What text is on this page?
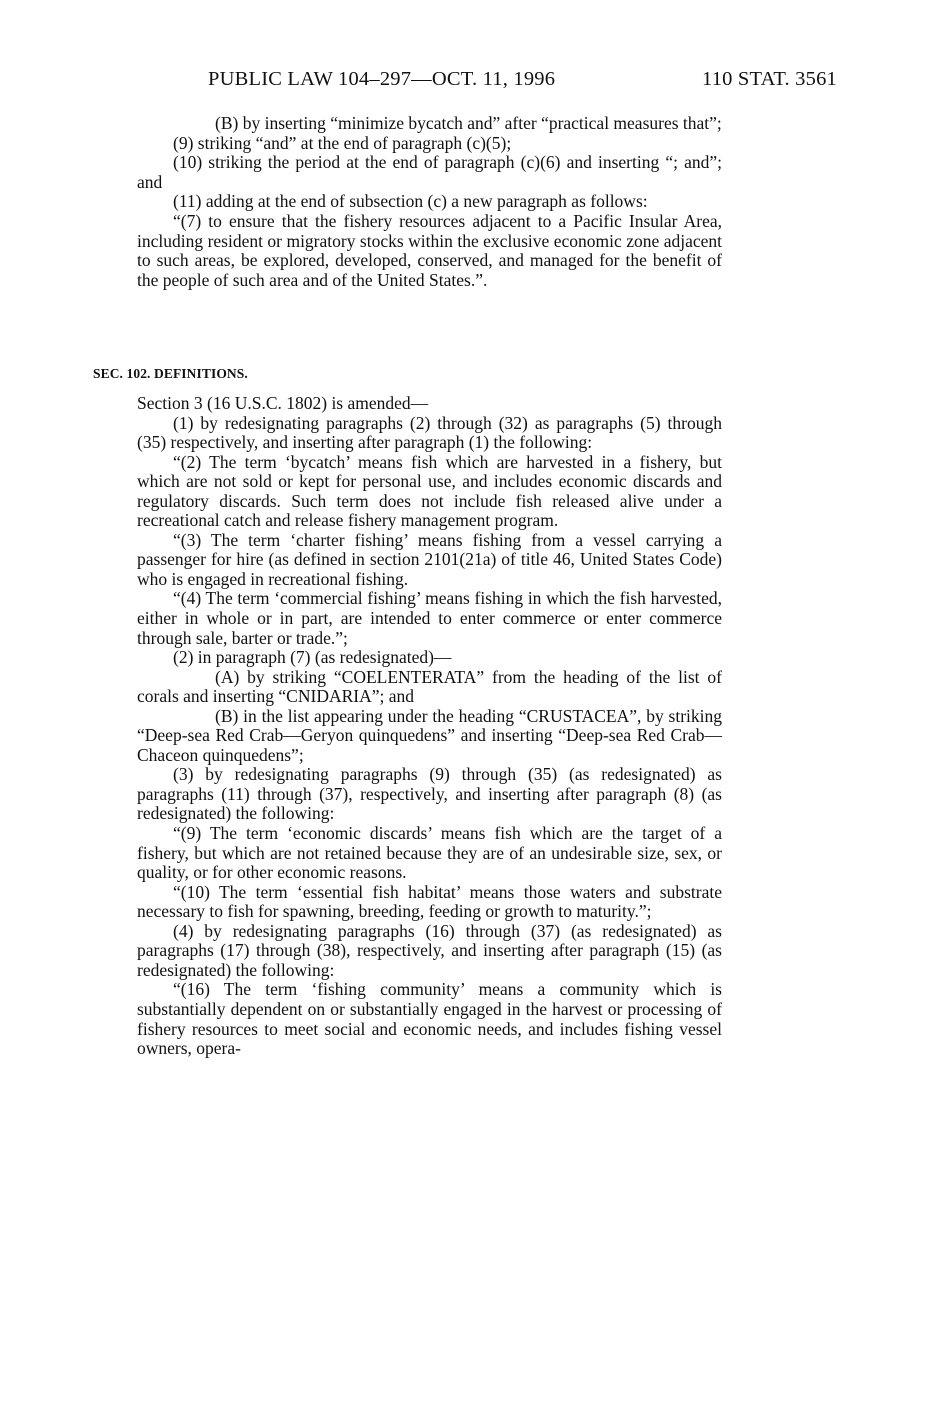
PUBLIC LAW 104–297—OCT. 11, 1996	110 STAT. 3561

(B) by inserting “minimize bycatch and” after “practical measures that”;

(9) striking “and” at the end of paragraph (c)(5);

(10) striking the period at the end of paragraph (c)(6) and inserting “; and”; and

(11) adding at the end of subsection (c) a new paragraph as follows:

“(7) to ensure that the fishery resources adjacent to a Pacific Insular Area, including resident or migratory stocks within the exclusive economic zone adjacent to such areas, be explored, developed, conserved, and managed for the benefit of the people of such area and of the United States.”.

SEC. 102. DEFINITIONS.

Section 3 (16 U.S.C. 1802) is amended—

(1) by redesignating paragraphs (2) through (32) as paragraphs (5) through (35) respectively, and inserting after paragraph (1) the following:

“(2) The term ‘bycatch’ means fish which are harvested in a fishery, but which are not sold or kept for personal use, and includes economic discards and regulatory discards. Such term does not include fish released alive under a recreational catch and release fishery management program.

“(3) The term ‘charter fishing’ means fishing from a vessel carrying a passenger for hire (as defined in section 2101(21a) of title 46, United States Code) who is engaged in recreational fishing.

“(4) The term ‘commercial fishing’ means fishing in which the fish harvested, either in whole or in part, are intended to enter commerce or enter commerce through sale, barter or trade.”;

(2) in paragraph (7) (as redesignated)—

(A) by striking “COELENTERATA” from the heading of the list of corals and inserting “CNIDARIA”; and

(B) in the list appearing under the heading “CRUSTACEA”, by striking “Deep-sea Red Crab—Geryon quinquedens” and inserting “Deep-sea Red Crab—Chaceon quinquedens”;

(3) by redesignating paragraphs (9) through (35) (as redesignated) as paragraphs (11) through (37), respectively, and inserting after paragraph (8) (as redesignated) the following:

“(9) The term ‘economic discards’ means fish which are the target of a fishery, but which are not retained because they are of an undesirable size, sex, or quality, or for other economic reasons.

“(10) The term ‘essential fish habitat’ means those waters and substrate necessary to fish for spawning, breeding, feeding or growth to maturity.”;

(4) by redesignating paragraphs (16) through (37) (as redesignated) as paragraphs (17) through (38), respectively, and inserting after paragraph (15) (as redesignated) the following:

“(16) The term ‘fishing community’ means a community which is substantially dependent on or substantially engaged in the harvest or processing of fishery resources to meet social and economic needs, and includes fishing vessel owners, opera-
